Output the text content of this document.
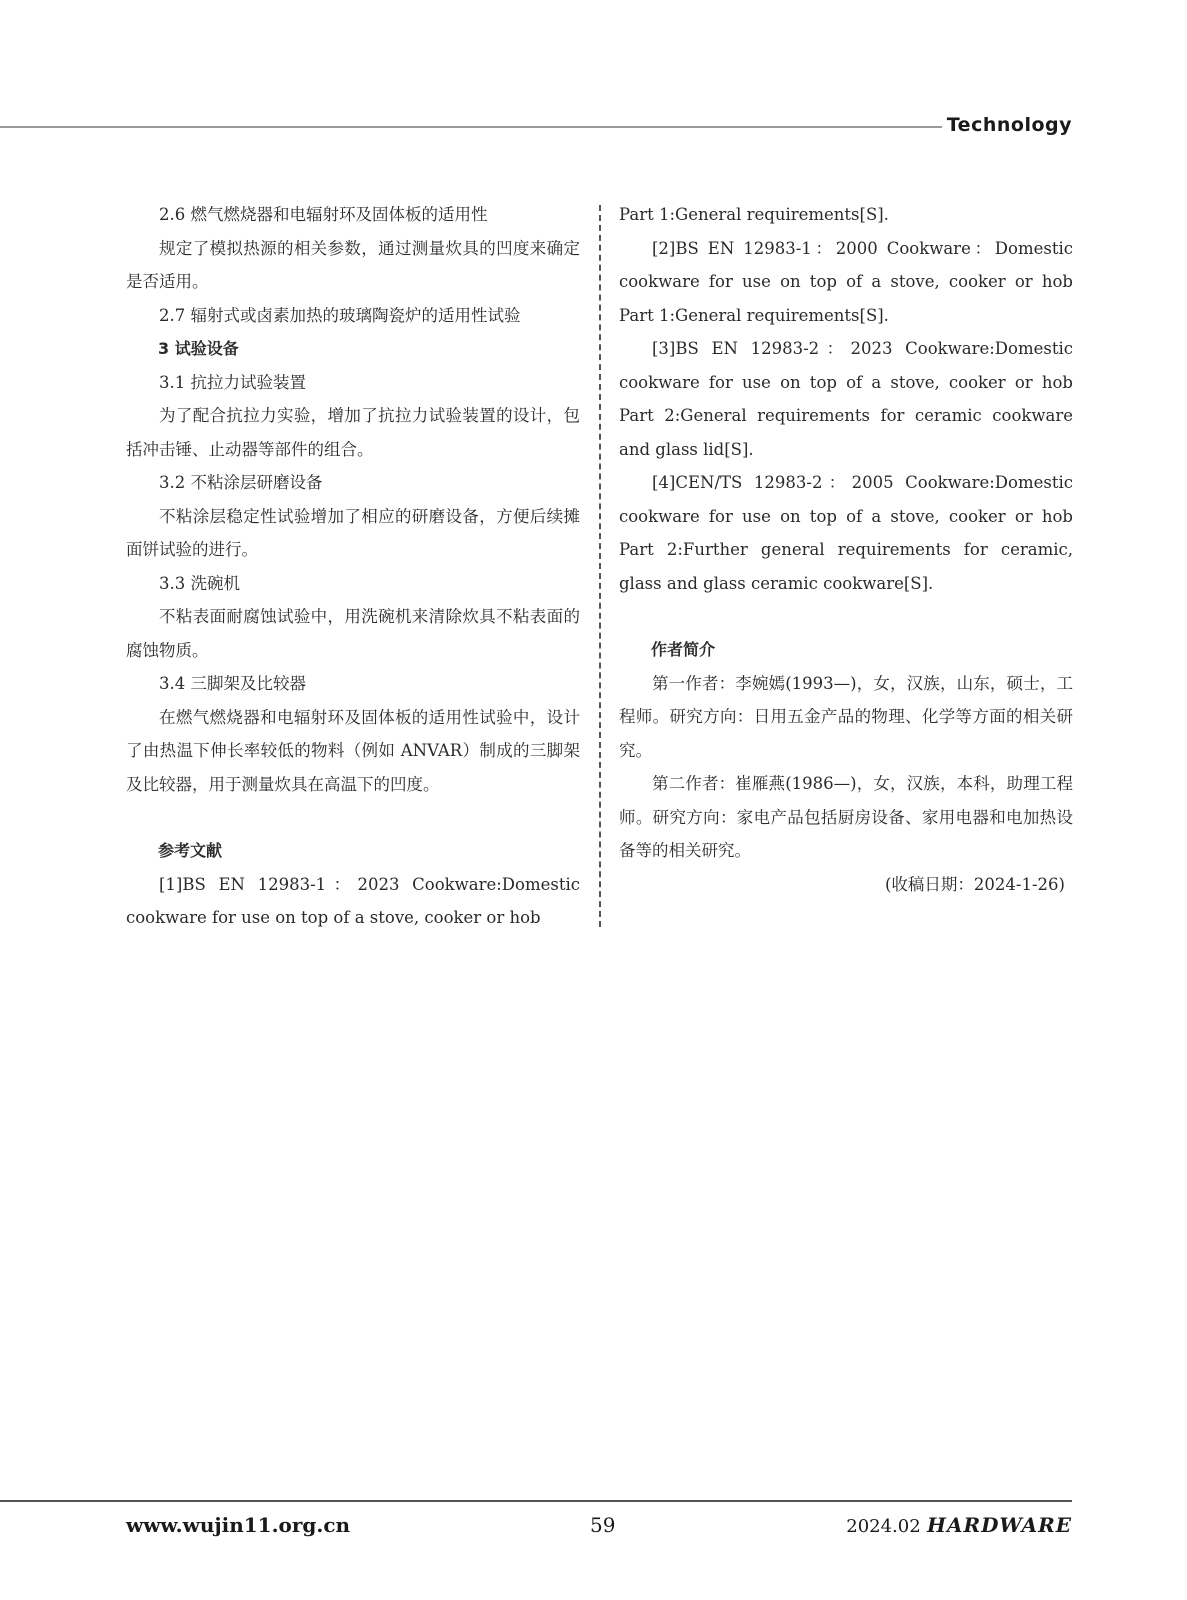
Technology

2.6 燃气燃烧器和电辐射环及固体板的适用性

规定了模拟热源的相关参数，通过测量炊具的凹度来确定是否适用。

2.7 辐射式或卤素加热的玻璃陶瓷炉的适用性试验

3 试验设备

3.1 抗拉力试验装置

为了配合抗拉力实验，增加了抗拉力试验装置的设计，包括冲击锤、止动器等部件的组合。

3.2 不粘涂层研磨设备

不粘涂层稳定性试验增加了相应的研磨设备，方便后续摊面饼试验的进行。

3.3 洗碗机

不粘表面耐腐蚀试验中，用洗碗机来清除炊具不粘表面的腐蚀物质。

3.4 三脚架及比较器

在燃气燃烧器和电辐射环及固体板的适用性试验中，设计了由热温下伸长率较低的物料（例如 ANVAR）制成的三脚架及比较器，用于测量炊具在高温下的凹度。

参考文献

[1]BS EN 12983-1：2023 Cookware:Domestic cookware for use on top of a stove, cooker or hob

Part 1:General requirements[S].

[2]BS EN 12983-1：2000 Cookware：Domestic cookware for use on top of a stove, cooker or hob Part 1:General requirements[S].

[3]BS EN 12983-2：2023 Cookware:Domestic cookware for use on top of a stove, cooker or hob Part 2:General requirements for ceramic cookware and glass lid[S].

[4]CEN/TS 12983-2：2005 Cookware:Domestic cookware for use on top of a stove, cooker or hob Part 2:Further general requirements for ceramic, glass and glass ceramic cookware[S].

作者简介

第一作者：李婉嫣(1993—)，女，汉族，山东，硕士，工程师。研究方向：日用五金产品的物理、化学等方面的相关研究。

第二作者：崔雁燕(1986—)，女，汉族，本科，助理工程师。研究方向：家电产品包括厨房设备、家用电器和电加热设备等的相关研究。

(收稿日期：2024-1-26)

www.wujin11.org.cn	59	2024.02 HARDWARE
